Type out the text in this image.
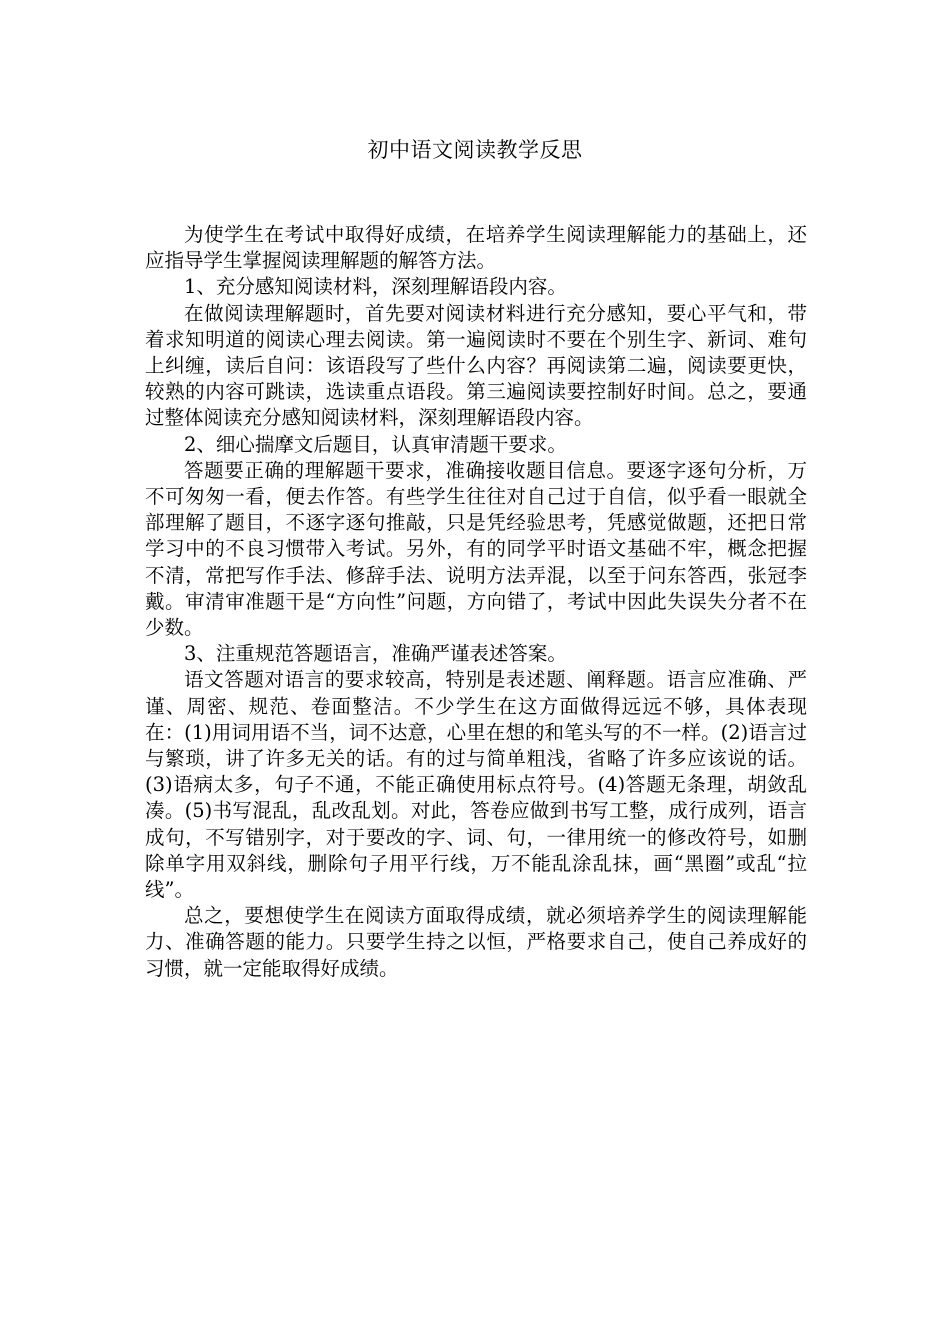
初中语文阅读教学反思

为使学生在考试中取得好成绩，在培养学生阅读理解能力的基础上，还应指导学生掌握阅读理解题的解答方法。

1、充分感知阅读材料，深刻理解语段内容。

在做阅读理解题时，首先要对阅读材料进行充分感知，要心平气和，带着求知明道的阅读心理去阅读。第一遍阅读时不要在个别生字、新词、难句上纠缠，读后自问：该语段写了些什么内容？再阅读第二遍，阅读要更快，较熟的内容可跳读，选读重点语段。第三遍阅读要控制好时间。总之，要通过整体阅读充分感知阅读材料，深刻理解语段内容。

2、细心揣摩文后题目，认真审清题干要求。

答题要正确的理解题干要求，准确接收题目信息。要逐字逐句分析，万不可匆匆一看，便去作答。有些学生往往对自己过于自信，似乎看一眼就全部理解了题目，不逐字逐句推敲，只是凭经验思考，凭感觉做题，还把日常学习中的不良习惯带入考试。另外，有的同学平时语文基础不牢，概念把握不清，常把写作手法、修辞手法、说明方法弄混，以至于问东答西，张冠李戴。审清审准题干是“方向性”问题，方向错了，考试中因此失误失分者不在少数。

3、注重规范答题语言，准确严谨表述答案。

语文答题对语言的要求较高，特别是表述题、阐释题。语言应准确、严谨、周密、规范、卷面整洁。不少学生在这方面做得远远不够，具体表现在：(1)用词用语不当，词不达意，心里在想的和笔头写的不一样。(2)语言过与繁琐，讲了许多无关的话。有的过与简单粗浅，省略了许多应该说的话。(3)语病太多，句子不通，不能正确使用标点符号。(4)答题无条理，胡敛乱凑。(5)书写混乱，乱改乱划。对此，答卷应做到书写工整，成行成列，语言成句，不写错别字，对于要改的字、词、句，一律用统一的修改符号，如删除单字用双斜线，删除句子用平行线，万不能乱涂乱抹，画“黑圈”或乱“拉线”。

总之，要想使学生在阅读方面取得成绩，就必须培养学生的阅读理解能力、准确答题的能力。只要学生持之以恒，严格要求自己，使自己养成好的习惯，就一定能取得好成绩。
